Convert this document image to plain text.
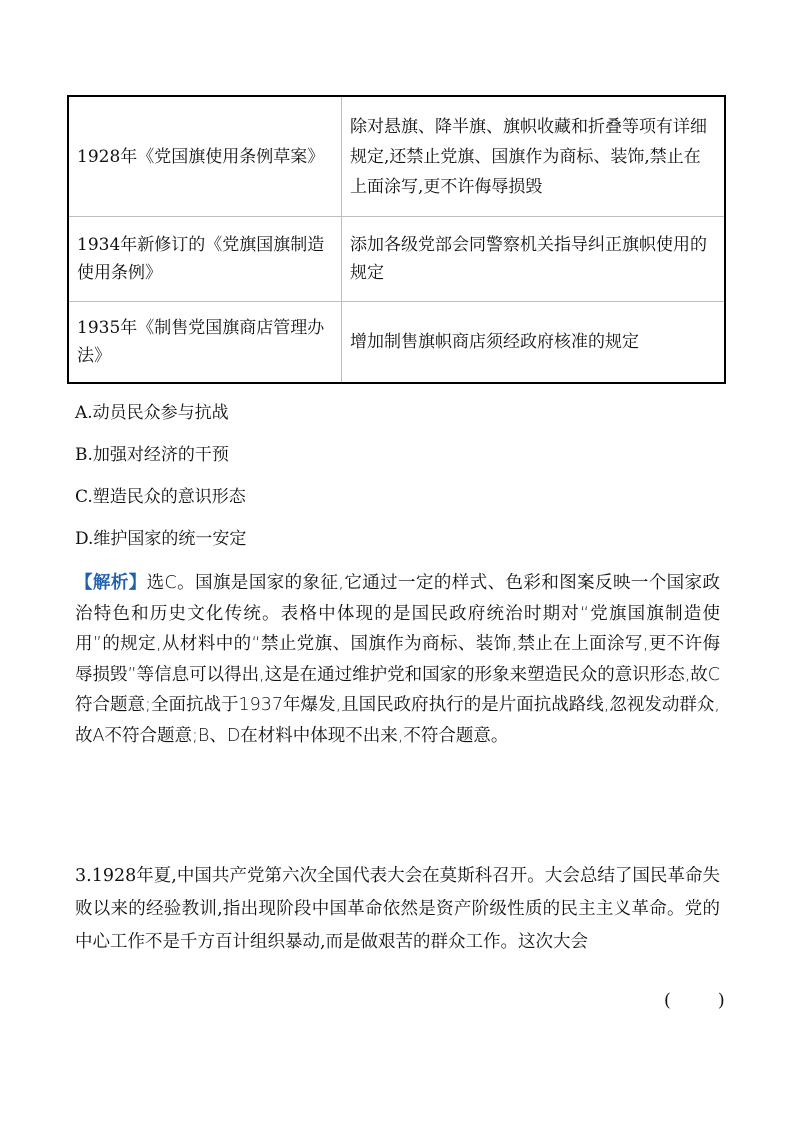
1928年《党国旗使用条例草案》	除对悬旗、降半旗、旗帜收藏和折叠等项有详细规定,还禁止党旗、国旗作为商标、装饰,禁止在上面涂写,更不许侮辱损毁
1934年新修订的《党旗国旗制造使用条例》	添加各级党部会同警察机关指导纠正旗帜使用的规定
1935年《制售党国旗商店管理办法》	增加制售旗帜商店须经政府核准的规定
A.动员民众参与抗战
B.加强对经济的干预
C.塑造民众的意识形态
D.维护国家的统一安定
【解析】选C。国旗是国家的象征,它通过一定的样式、色彩和图案反映一个国家政治特色和历史文化传统。表格中体现的是国民政府统治时期对“党旗国旗制造使用”的规定,从材料中的“禁止党旗、国旗作为商标、装饰,禁止在上面涂写,更不许侮辱损毁”等信息可以得出,这是在通过维护党和国家的形象来塑造民众的意识形态,故C符合题意;全面抗战于1937年爆发,且国民政府执行的是片面抗战路线,忽视发动群众,故A不符合题意;B、D在材料中体现不出来,不符合题意。
3.1928年夏,中国共产党第六次全国代表大会在莫斯科召开。大会总结了国民革命失败以来的经验教训,指出现阶段中国革命依然是资产阶级性质的民主主义革命。党的中心工作不是千方百计组织暴动,而是做艰苦的群众工作。这次大会
(　　)
